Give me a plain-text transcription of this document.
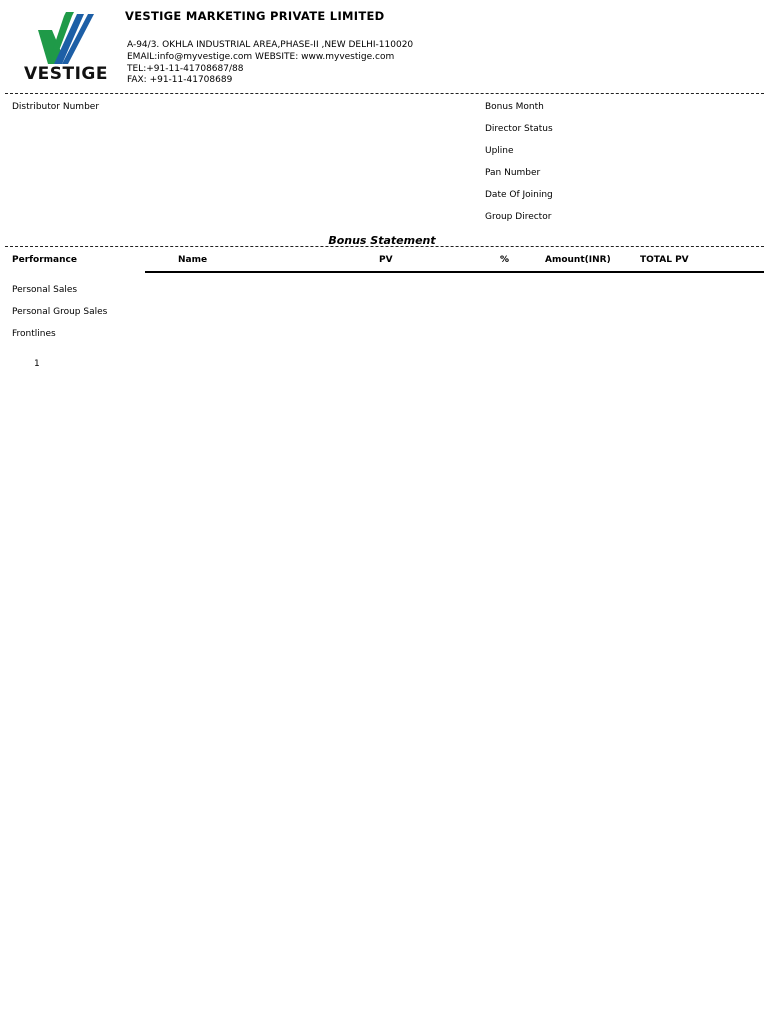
VESTIGE
VESTIGE MARKETING PRIVATE LIMITED
A-94/3. OKHLA INDUSTRIAL AREA,PHASE-II ,NEW DELHI-110020
EMAIL:info@myvestige.com WEBSITE: www.myvestige.com
TEL:+91-11-41708687/88
FAX: +91-11-41708689
Distributor Number	Bonus Month
Director Status
Upline
Pan Number
Date Of Joining
Group Director
Bonus Statement
Performance	Name	PV	%	Amount(INR)	TOTAL PV
Personal Sales
Personal Group Sales
Frontlines
1
